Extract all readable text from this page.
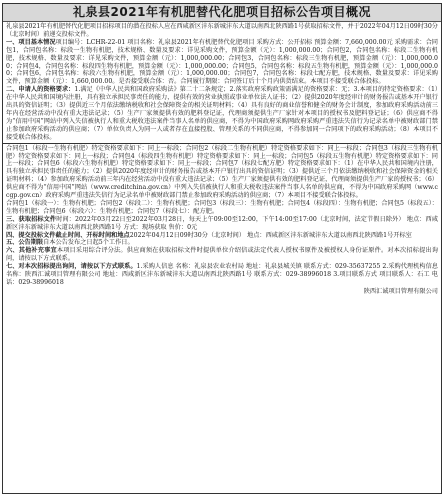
礼泉县2021年有机肥替代化肥项目招标公告项目概况

礼泉县2021年有机肥替代化肥项目招标项目的潜在投标人应在西咸新区沣东新城沣东大道以南西北陕西路1号获取招标文件，并于2022年04月12日09时30分（北京时间）前递交投标文件。

一、项目基本情况项目编号：LCHR-22-01 项目名称：礼泉县2021年有机肥替代化肥项目 采购方式：公开招标 预算金额：7,660,000.00元 采购需求：合同包1，合同包名称：标段一生物有机肥，技术规格、数量及要求：详见采购文件，预算金额（元）：1,000,000.00；合同包2，合同包名称：标段二生物有机肥，技术规格、数量及要求：详见采购文件，预算金额（元）：1,000,000.00；合同包3，合同包名称：标段三生物有机肥，预算金额（元）：1,000,000.00；合同包4，合同包名称：标段四生物有机肥，预算金额（元）：1,000,000.00；合同包5，合同包名称：标段五生物有机肥，预算金额（元）：1,000,000.00；合同包6，合同包名称：标段六生物有机肥，预算金额（元）：1,000,000.00；合同包7，合同包名称：标段七配方肥，技术规格、数量及要求：详见采购文件，预算金额（元）：1,660,000.00。是否接受联合体：否。合同履行期限：合同签订后十个月内供货结束。本项目不接受联合体投标。

二、申请人的资格要求：1.满足《中华人民共和国政府采购法》第二十二条规定；2.落实政府采购政策需满足的资格要求：无；3.本项目的特定资格要求：（1）在中华人民共和国境内注册，具有独立承担民事责任的能力，提供有效的营业执照或事业单位法人证书；（2）提供2020年度经审计的财务报告或基本开户银行出具的资信证明；（3）提供近三个月依法缴纳税收和社会保障资金的相关证明材料；（4）具有良好的商业信誉和健全的财务会计制度，参加政府采购活动前三年内在经营活动中没有重大违法记录；（5）生产厂家须提供有效的肥料登记证，代理商须提供生产厂家针对本项目的授权书及肥料登记证；（6）供应商不得为“信用中国”网站中列入失信被执行人和重大税收违法案件当事人名单的供应商，不得为中国政府采购网政府采购严重违法失信行为记录名单中被财政部门禁止参加政府采购活动的供应商；（7）单位负责人为同一人或者存在直接控股、管理关系的不同供应商，不得参加同一合同项下的政府采购活动；（8）本项目不接受联合体投标。

合同包1（标段一生物有机肥）特定资格要求如下：同上一标段；合同包2（标段二生物有机肥）特定资格要求如下：同上一标段；合同包3（标段三生物有机肥）特定资格要求如下：同上一标段；合同包4（标段四生物有机肥）特定资格要求如下：同上一标段；合同包5（标段五生物有机肥）特定资格要求如下：同上一标段；合同包6（标段六生物有机肥）特定资格要求如下：同上一标段；合同包7（标段七配方肥）特定资格要求如下：（1）在中华人民共和国境内注册，具有独立承担民事责任的能力；（2）提供2020年度经审计的财务报告或基本开户银行出具的资信证明；（3）提供近三个月依法缴纳税收和社会保障资金的相关证明材料；（4）参加政府采购活动前三年内在经营活动中没有重大违法记录；（5）生产厂家须提供有效的肥料登记证，代理商须提供生产厂家的授权书；（6）供应商不得为“信用中国”网站（www.creditchina.gov.cn）中列入失信被执行人和重大税收违法案件当事人名单的供应商，不得为中国政府采购网（www.ccgp.gov.cn）政府采购严重违法失信行为记录名单中被财政部门禁止参加政府采购活动的供应商；（7）本项目不接受联合体投标。

合同包1（标段一）：生物有机肥；合同包2（标段二）：生物有机肥；合同包3（标段三）：生物有机肥；合同包4（标段四）：生物有机肥；合同包5（标段五）：生物有机肥；合同包6（标段六）：生物有机肥；合同包7（标段七）：配方肥。

三、获取招标文件时间：2022年03月22日至2022年03月28日，每天上午09:00至12:00，下午14:00至17:00（北京时间，法定节假日除外） 地点：西咸新区沣东新城沣东大道以南西北陕西路1号 方式：现场获取 售价：0元

四、提交投标文件截止时间、开标时间和地点2022年04月12日09时30分（北京时间） 地点：西咸新区沣东新城沣东大道以南西北陕西路1号开标室

五、公告期限自本公告发布之日起5个工作日。

六、其他补充事宜本项目采用综合评分法。供应商须在获取招标文件时提供单位介绍信或法定代表人授权书原件及被授权人身份证原件。对本次招标提出询问，请按以下方式联系。

七、对本次招标提出询问，请按以下方式联系。1.采购人信息 名称：礼泉县农业农村局 地址：礼泉县城关镇 联系方式：029-35637255 2.采购代理机构信息 名称：陕西汇诚项目管理有限公司 地址：西咸新区沣东新城沣东大道以南西北陕西路1号 联系方式：029-38996018 3.项目联系方式 项目联系人：石工 电话：029-38996018

陕西汇诚项目管理有限公司
